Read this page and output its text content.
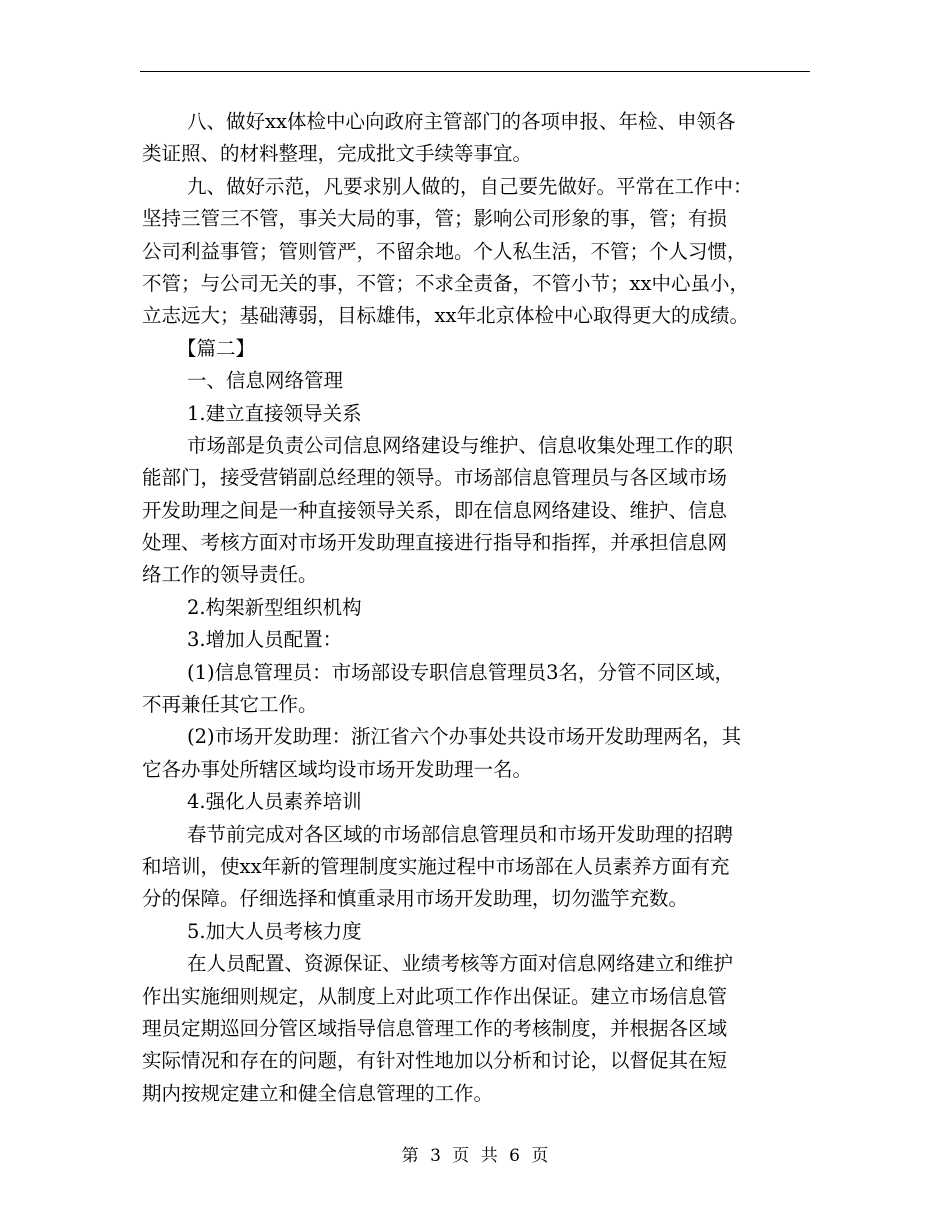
八、做好xx体检中心向政府主管部门的各项申报、年检、申领各
类证照、的材料整理，完成批文手续等事宜。
九、做好示范，凡要求别人做的，自己要先做好。平常在工作中：
坚持三管三不管，事关大局的事，管；影响公司形象的事，管；有损
公司利益事管；管则管严，不留余地。个人私生活，不管；个人习惯，
不管；与公司无关的事，不管；不求全责备，不管小节；xx中心虽小，
立志远大；基础薄弱，目标雄伟，xx年北京体检中心取得更大的成绩。
【篇二】
一、信息网络管理
1.建立直接领导关系
市场部是负责公司信息网络建设与维护、信息收集处理工作的职
能部门，接受营销副总经理的领导。市场部信息管理员与各区域市场
开发助理之间是一种直接领导关系，即在信息网络建设、维护、信息
处理、考核方面对市场开发助理直接进行指导和指挥，并承担信息网
络工作的领导责任。
2.构架新型组织机构
3.增加人员配置：
(1)信息管理员：市场部设专职信息管理员3名，分管不同区域，
不再兼任其它工作。
(2)市场开发助理：浙江省六个办事处共设市场开发助理两名，其
它各办事处所辖区域均设市场开发助理一名。
4.强化人员素养培训
春节前完成对各区域的市场部信息管理员和市场开发助理的招聘
和培训，使xx年新的管理制度实施过程中市场部在人员素养方面有充
分的保障。仔细选择和慎重录用市场开发助理，切勿滥竽充数。
5.加大人员考核力度
在人员配置、资源保证、业绩考核等方面对信息网络建立和维护
作出实施细则规定，从制度上对此项工作作出保证。建立市场信息管
理员定期巡回分管区域指导信息管理工作的考核制度，并根据各区域
实际情况和存在的问题，有针对性地加以分析和讨论，以督促其在短
期内按规定建立和健全信息管理的工作。
第 3 页 共 6 页
